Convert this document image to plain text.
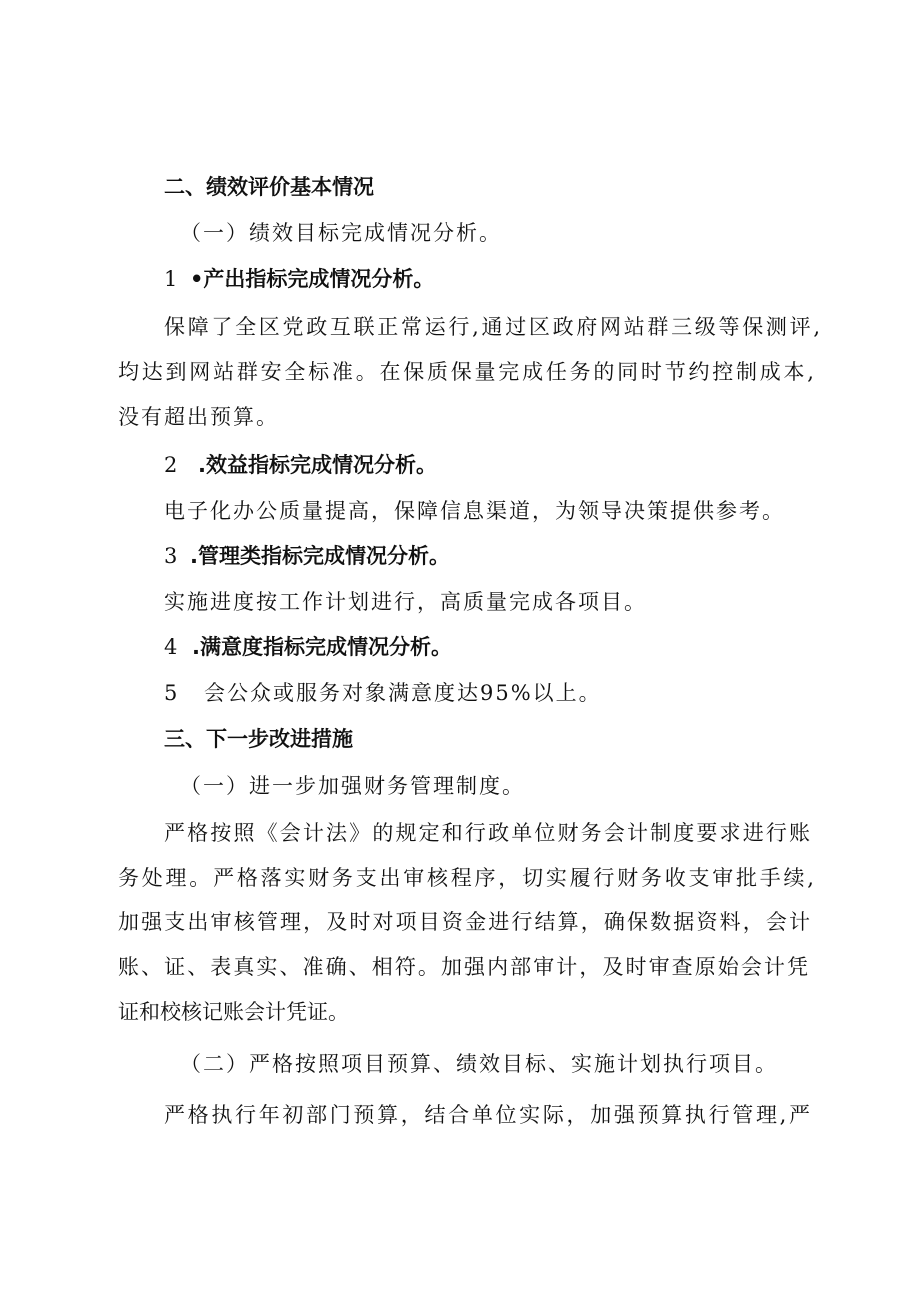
二、绩效评价基本情况
（一）绩效目标完成情况分析。
1 •产出指标完成情况分析。
保障了全区党政互联正常运行,通过区政府网站群三级等保测评,
均达到网站群安全标准。在保质保量完成任务的同时节约控制成本,
没有超出预算。
2 .效益指标完成情况分析。
电子化办公质量提高，保障信息渠道，为领导决策提供参考。
3 .管理类指标完成情况分析。
实施进度按工作计划进行，高质量完成各项目。
4 .满意度指标完成情况分析。
5 会公众或服务对象满意度达95%以上。
三、下一步改进措施
（一）进一步加强财务管理制度。
严格按照《会计法》的规定和行政单位财务会计制度要求进行账
务处理。严格落实财务支出审核程序，切实履行财务收支审批手续,
加强支出审核管理，及时对项目资金进行结算，确保数据资料，会计
账、证、表真实、准确、相符。加强内部审计，及时审查原始会计凭
证和校核记账会计凭证。
（二）严格按照项目预算、绩效目标、实施计划执行项目。
严格执行年初部门预算，结合单位实际，加强预算执行管理,严
